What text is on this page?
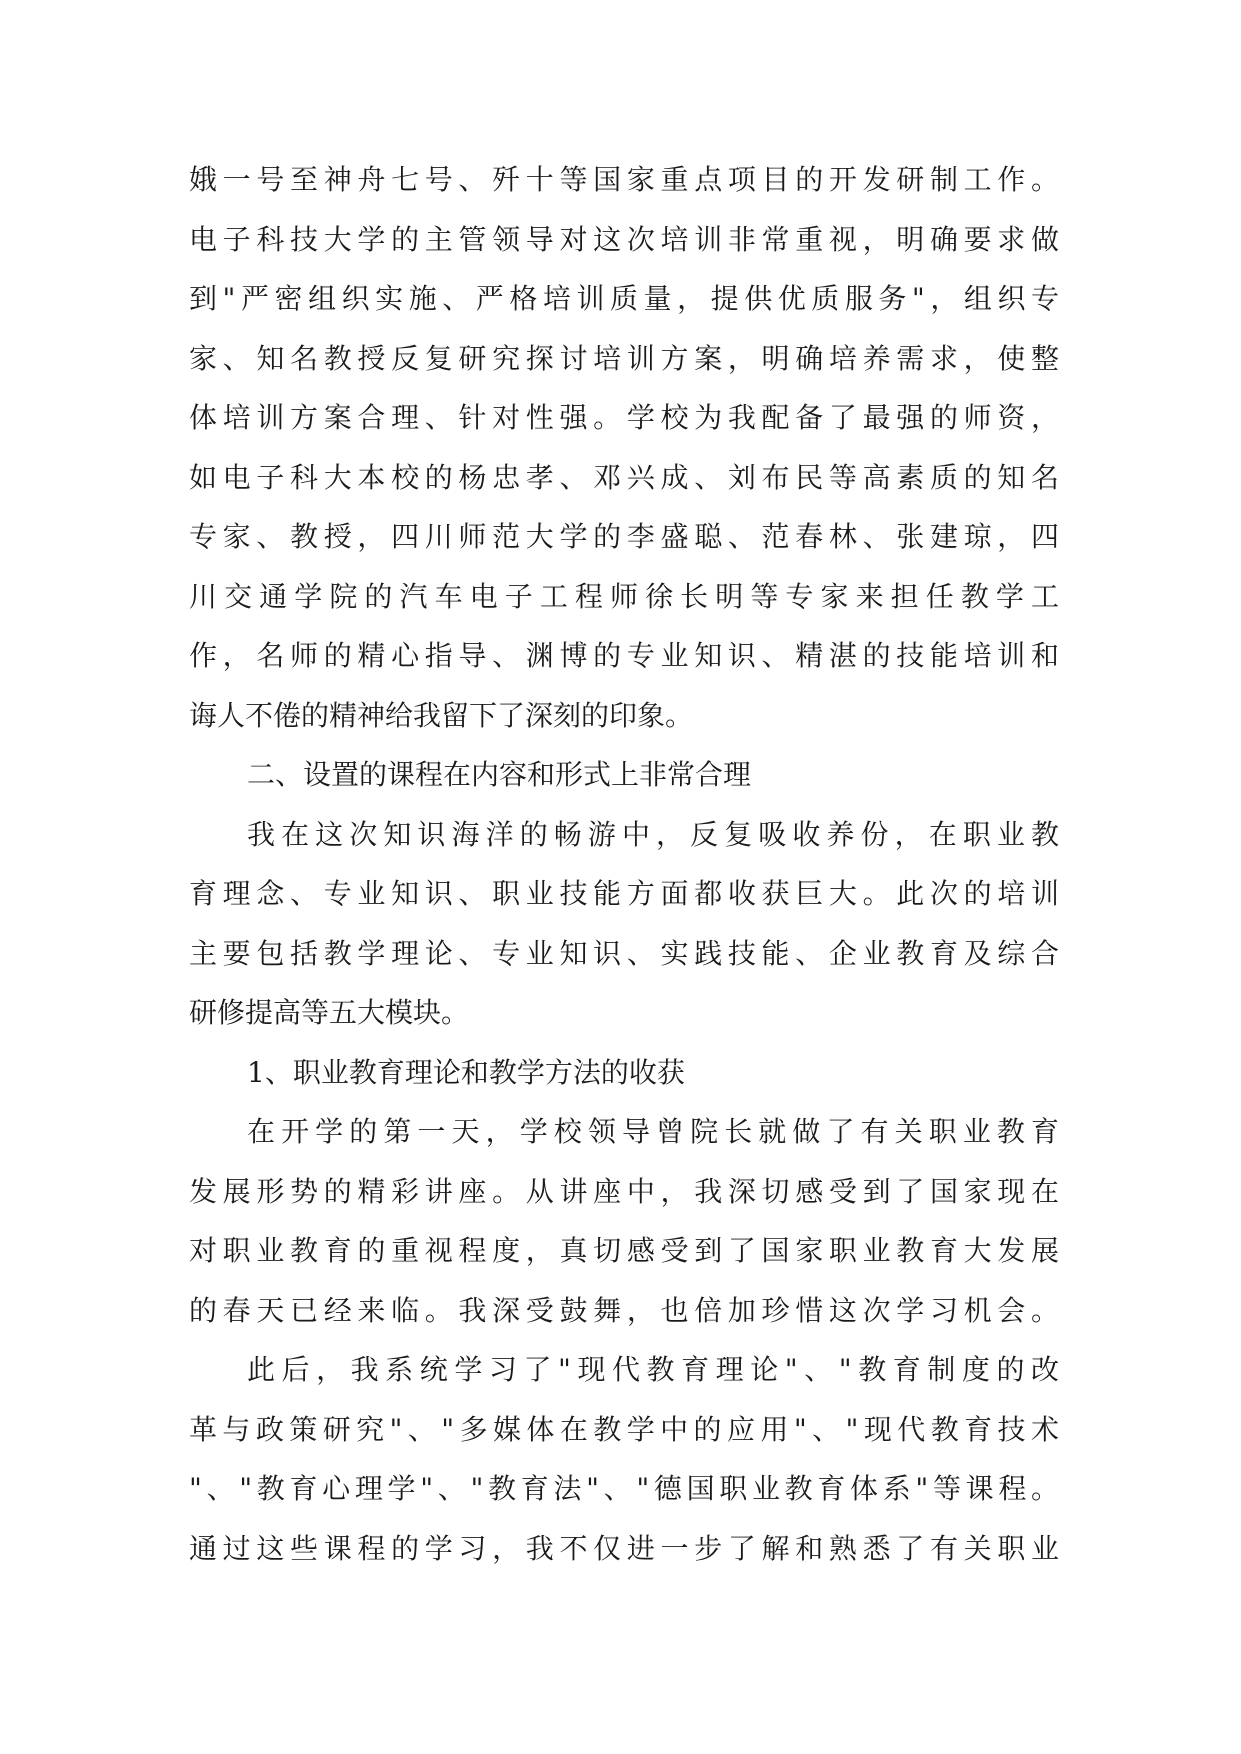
娥一号至神舟七号、歼十等国家重点项目的开发研制工作。
电子科技大学的主管领导对这次培训非常重视，明确要求做
到"严密组织实施、严格培训质量，提供优质服务"，组织专
家、知名教授反复研究探讨培训方案，明确培养需求，使整
体培训方案合理、针对性强。学校为我配备了最强的师资，
如电子科大本校的杨忠孝、邓兴成、刘布民等高素质的知名
专家、教授，四川师范大学的李盛聪、范春林、张建琼，四
川交通学院的汽车电子工程师徐长明等专家来担任教学工
作，名师的精心指导、渊博的专业知识、精湛的技能培训和
诲人不倦的精神给我留下了深刻的印象。
二、设置的课程在内容和形式上非常合理
我在这次知识海洋的畅游中，反复吸收养份，在职业教
育理念、专业知识、职业技能方面都收获巨大。此次的培训
主要包括教学理论、专业知识、实践技能、企业教育及综合
研修提高等五大模块。
1、职业教育理论和教学方法的收获
在开学的第一天，学校领导曾院长就做了有关职业教育
发展形势的精彩讲座。从讲座中，我深切感受到了国家现在
对职业教育的重视程度，真切感受到了国家职业教育大发展
的春天已经来临。我深受鼓舞，也倍加珍惜这次学习机会。
此后，我系统学习了"现代教育理论"、"教育制度的改
革与政策研究"、"多媒体在教学中的应用"、"现代教育技术
"、"教育心理学"、"教育法"、"德国职业教育体系"等课程。
通过这些课程的学习，我不仅进一步了解和熟悉了有关职业
